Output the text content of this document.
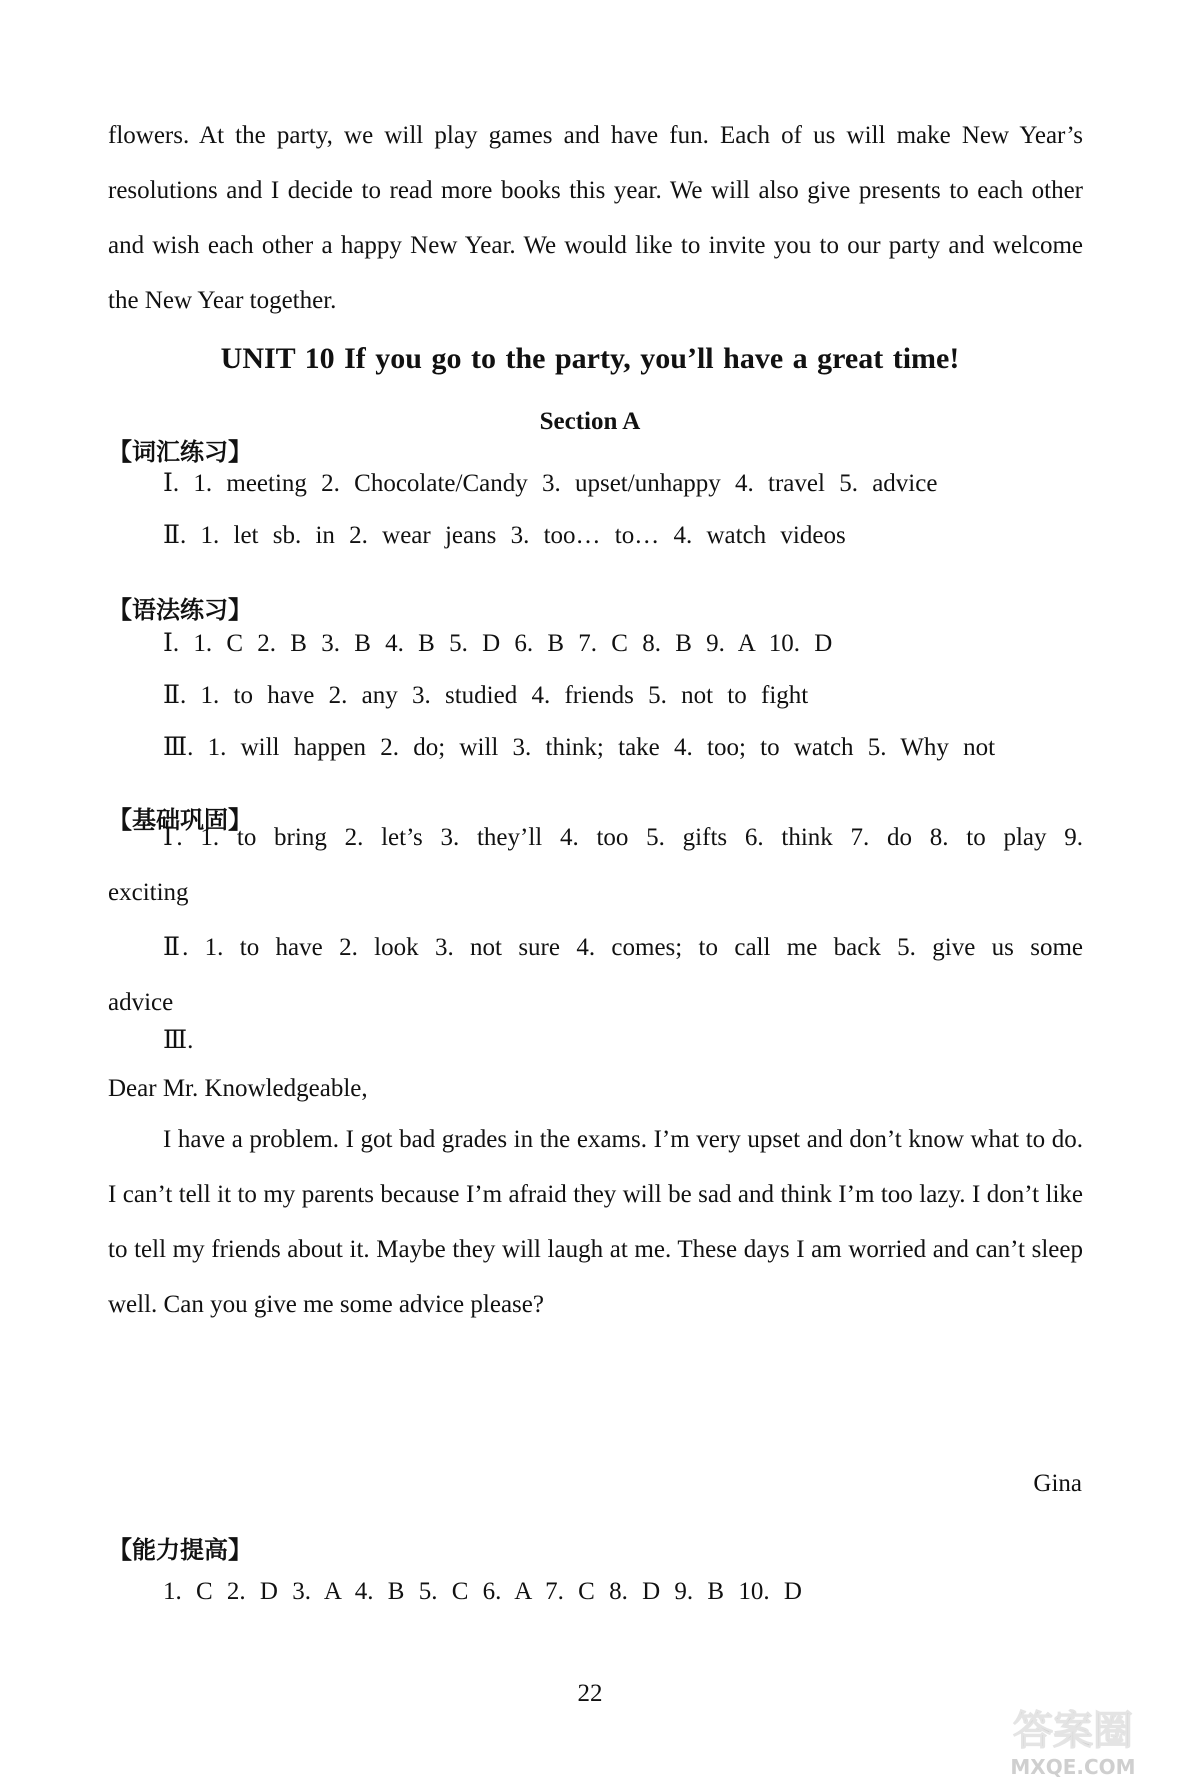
flowers. At the party, we will play games and have fun. Each of us will make New Year’s resolutions and I decide to read more books this year. We will also give presents to each other and wish each other a happy New Year. We would like to invite you to our party and welcome the New Year together.

UNIT 10 If you go to the party, you’ll have a great time!
Section A
【词汇练习】

Ⅰ. 1. meeting 2. Chocolate/Candy 3. upset/unhappy 4. travel 5. advice

Ⅱ. 1. let sb. in 2. wear jeans 3. too… to… 4. watch videos

【语法练习】

Ⅰ. 1. C 2. B 3. B 4. B 5. D 6. B 7. C 8. B 9. A 10. D

Ⅱ. 1. to have 2. any 3. studied 4. friends 5. not to fight

Ⅲ. 1. will happen 2. do; will 3. think; take 4. too; to watch 5. Why not

【基础巩固】

Ⅰ. 1. to bring 2. let’s 3. they’ll 4. too 5. gifts 6. think 7. do 8. to play 9. exciting

Ⅱ. 1. to have 2. look 3. not sure 4. comes; to call me back 5. give us some advice

Ⅲ.

Dear Mr. Knowledgeable,

I have a problem. I got bad grades in the exams. I’m very upset and don’t know what to do. I can’t tell it to my parents because I’m afraid they will be sad and think I’m too lazy. I don’t like to tell my friends about it. Maybe they will laugh at me. These days I am worried and can’t sleep well. Can you give me some advice please?

Gina

【能力提高】

1. C 2. D 3. A 4. B 5. C 6. A 7. C 8. D 9. B 10. D

22

答案圈
MXQE.COM
